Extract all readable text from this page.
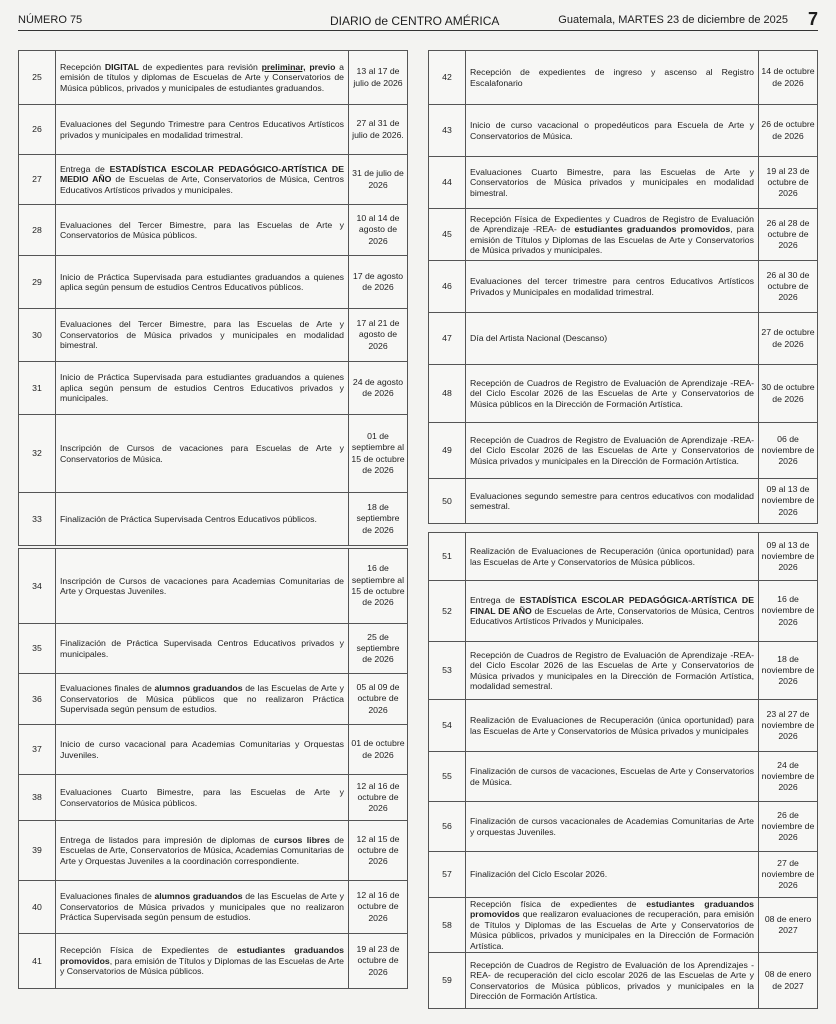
NÚMERO 75	DIARIO de CENTRO AMÉRICA	Guatemala, MARTES 23 de diciembre de 2025 7
25	Recepción DIGITAL de expedientes para revisión preliminar, previo a emisión de títulos y diplomas de Escuelas de Arte y Conservatorios de Música públicos, privados y municipales de estudiantes graduandos.	13 al 17 de julio de 2026
26	Evaluaciones del Segundo Trimestre para Centros Educativos Artísticos privados y municipales en modalidad trimestral.	27 al 31 de julio de 2026.
27	Entrega de ESTADÍSTICA ESCOLAR PEDAGÓGICO-ARTÍSTICA DE MEDIO AÑO de Escuelas de Arte, Conservatorios de Música, Centros Educativos Artísticos privados y municipales.	31 de julio de 2026
28	Evaluaciones del Tercer Bimestre, para las Escuelas de Arte y Conservatorios de Música públicos.	10 al 14 de agosto de 2026
29	Inicio de Práctica Supervisada para estudiantes graduandos a quienes aplica según pensum de estudios Centros Educativos públicos.	17 de agosto de 2026
30	Evaluaciones del Tercer Bimestre, para las Escuelas de Arte y Conservatorios de Música privados y municipales en modalidad bimestral.	17 al 21 de agosto de 2026
31	Inicio de Práctica Supervisada para estudiantes graduandos a quienes aplica según pensum de estudios Centros Educativos privados y municipales.	24 de agosto de 2026
32	Inscripción de Cursos de vacaciones para Escuelas de Arte y Conservatorios de Música.	01 de septiembre al 15 de octubre de 2026
33	Finalización de Práctica Supervisada Centros Educativos públicos.	18 de septiembre de 2026
34	Inscripción de Cursos de vacaciones para Academias Comunitarias de Arte y Orquestas Juveniles.	16 de septiembre al 15 de octubre de 2026
35	Finalización de Práctica Supervisada Centros Educativos privados y municipales.	25 de septiembre de 2026
36	Evaluaciones finales de alumnos graduandos de las Escuelas de Arte y Conservatorios de Música públicos que no realizaron Práctica Supervisada según pensum de estudios.	05 al 09 de octubre de 2026
37	Inicio de curso vacacional para Academias Comunitarias y Orquestas Juveniles.	01 de octubre de 2026
38	Evaluaciones Cuarto Bimestre, para las Escuelas de Arte y Conservatorios de Música públicos.	12 al 16 de octubre de 2026
39	Entrega de listados para impresión de diplomas de cursos libres de Escuelas de Arte, Conservatorios de Música, Academias Comunitarias de Arte y Orquestas Juveniles a la coordinación correspondiente.	12 al 15 de octubre de 2026
40	Evaluaciones finales de alumnos graduandos de las Escuelas de Arte y Conservatorios de Música privados y municipales que no realizaron Práctica Supervisada según pensum de estudios.	12 al 16 de octubre de 2026
41	Recepción Física de Expedientes de estudiantes graduandos promovidos, para emisión de Títulos y Diplomas de las Escuelas de Arte y Conservatorios de Música públicos.	19 al 23 de octubre de 2026
42	Recepción de expedientes de ingreso y ascenso al Registro Escalafonario	14 de octubre de 2026
43	Inicio de curso vacacional o propedéuticos para Escuela de Arte y Conservatorios de Música.	26 de octubre de 2026
44	Evaluaciones Cuarto Bimestre, para las Escuelas de Arte y Conservatorios de Música privados y municipales en modalidad bimestral.	19 al 23 de octubre de 2026
45	Recepción Física de Expedientes y Cuadros de Registro de Evaluación de Aprendizaje -REA- de estudiantes graduandos promovidos, para emisión de Títulos y Diplomas de las Escuelas de Arte y Conservatorios de Música privados y municipales.	26 al 28 de octubre de 2026
46	Evaluaciones del tercer trimestre para centros Educativos Artísticos Privados y Municipales en modalidad trimestral.	26 al 30 de octubre de 2026
47	Día del Artista Nacional (Descanso)	27 de octubre de 2026
48	Recepción de Cuadros de Registro de Evaluación de Aprendizaje -REA- del Ciclo Escolar 2026 de las Escuelas de Arte y Conservatorios de Música públicos en la Dirección de Formación Artística.	30 de octubre de 2026
49	Recepción de Cuadros de Registro de Evaluación de Aprendizaje -REA- del Ciclo Escolar 2026 de las Escuelas de Arte y Conservatorios de Música privados y municipales en la Dirección de Formación Artística.	06 de noviembre de 2026
50	Evaluaciones segundo semestre para centros educativos con modalidad semestral.	09 al 13 de noviembre de 2026
51	Realización de Evaluaciones de Recuperación (única oportunidad) para las Escuelas de Arte y Conservatorios de Música públicos.	09 al 13 de noviembre de 2026
52	Entrega de ESTADÍSTICA ESCOLAR PEDAGÓGICA-ARTÍSTICA DE FINAL DE AÑO de Escuelas de Arte, Conservatorios de Música, Centros Educativos Artísticos Privados y Municipales.	16 de noviembre de 2026
53	Recepción de Cuadros de Registro de Evaluación de Aprendizaje -REA- del Ciclo Escolar 2026 de las Escuelas de Arte y Conservatorios de Música privados y municipales en la Dirección de Formación Artística, modalidad semestral.	18 de noviembre de 2026
54	Realización de Evaluaciones de Recuperación (única oportunidad) para las Escuelas de Arte y Conservatorios de Música privados y municipales	23 al 27 de noviembre de 2026
55	Finalización de cursos de vacaciones, Escuelas de Arte y Conservatorios de Música.	24 de noviembre de 2026
56	Finalización de cursos vacacionales de Academias Comunitarias de Arte y orquestas Juveniles.	26 de noviembre de 2026
57	Finalización del Ciclo Escolar 2026.	27 de noviembre de 2026
58	Recepción física de expedientes de estudiantes graduandos promovidos que realizaron evaluaciones de recuperación, para emisión de Títulos y Diplomas de las Escuelas de Arte y Conservatorios de Música públicos, privados y municipales en la Dirección de Formación Artística.	08 de enero 2027
59	Recepción de Cuadros de Registro de Evaluación de los Aprendizajes -REA- de recuperación del ciclo escolar 2026 de las Escuelas de Arte y Conservatorios de Música públicos, privados y municipales en la Dirección de Formación Artística.	08 de enero de 2027
